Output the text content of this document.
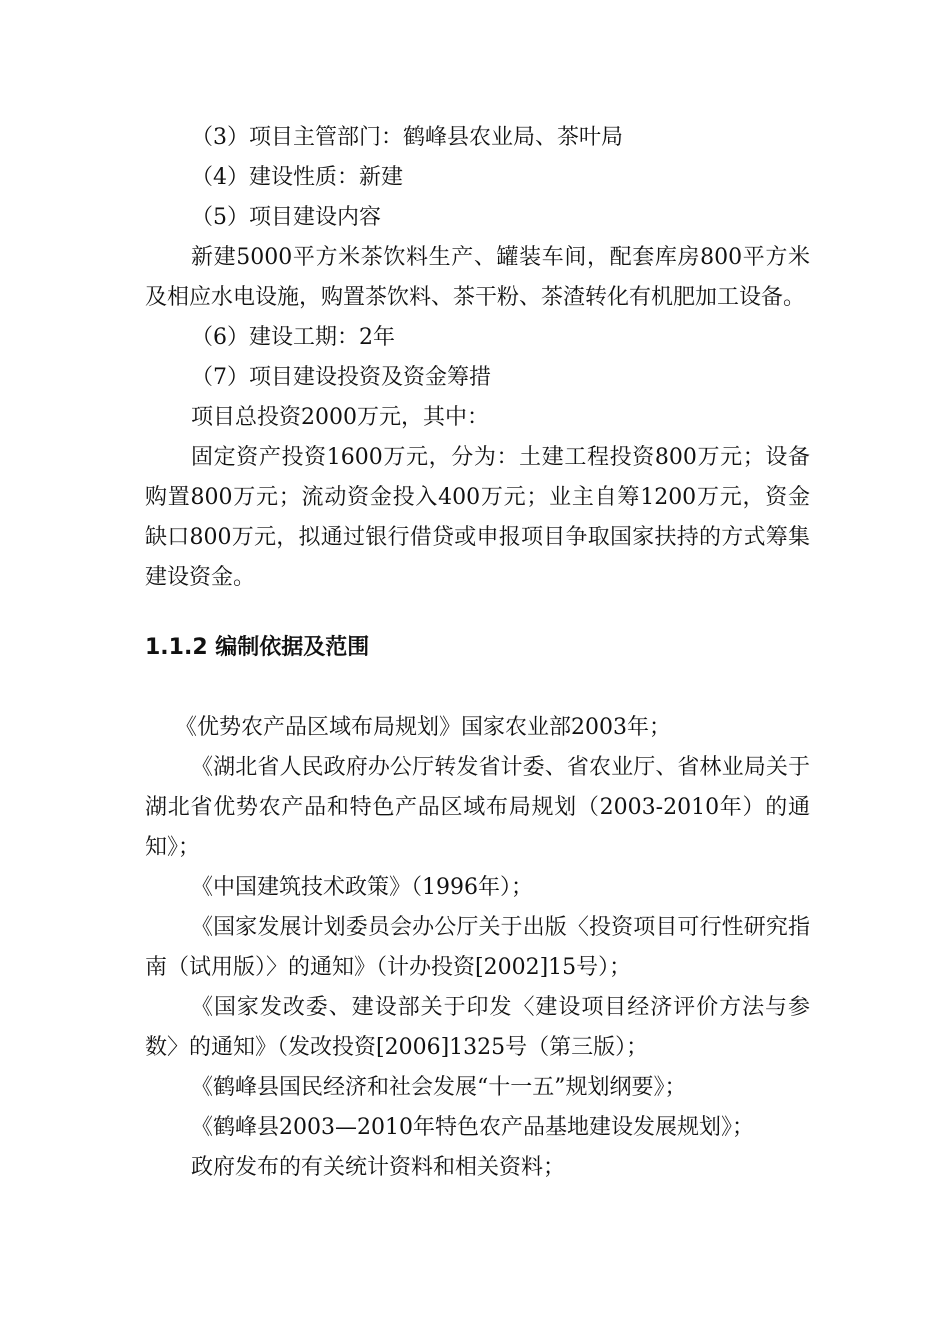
（3）项目主管部门：鹤峰县农业局、茶叶局

（4）建设性质：新建

（5）项目建设内容

新建5000平方米茶饮料生产、罐装车间，配套库房800平方米及相应水电设施，购置茶饮料、茶干粉、茶渣转化有机肥加工设备。

（6）建设工期：2年

（7）项目建设投资及资金筹措

项目总投资2000万元，其中：

固定资产投资1600万元，分为：土建工程投资800万元；设备购置800万元；流动资金投入400万元；业主自筹1200万元，资金缺口800万元，拟通过银行借贷或申报项目争取国家扶持的方式筹集建设资金。

1.1.2 编制依据及范围

《优势农产品区域布局规划》国家农业部2003年；

《湖北省人民政府办公厅转发省计委、省农业厅、省林业局关于湖北省优势农产品和特色产品区域布局规划（2003-2010年）的通知》；

《中国建筑技术政策》（1996年）；

《国家发展计划委员会办公厅关于出版〈投资项目可行性研究指南（试用版）〉的通知》（计办投资[2002]15号）；

《国家发改委、建设部关于印发〈建设项目经济评价方法与参数〉的通知》（发改投资[2006]1325号（第三版）；

《鹤峰县国民经济和社会发展“十一五”规划纲要》；

《鹤峰县2003—2010年特色农产品基地建设发展规划》；

政府发布的有关统计资料和相关资料；
